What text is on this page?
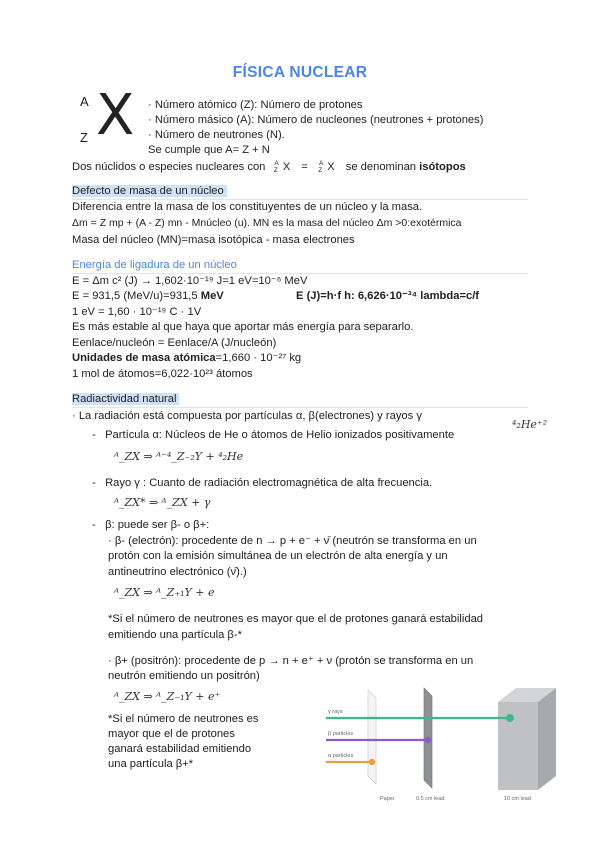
FÍSICA NUCLEAR
A
Z X · Número atómico (Z): Número de protones
· Número másico (A): Número de nucleones (neutrones + protones)
· Número de neutrones (N).
Se cumple que A= Z + N
Dos núclidos o especies nucleares con $^A$Z X = $^A$Z X se denominan isótopos
Defecto de masa de un núcleo
Diferencia entre la masa de los constituyentes de un núcleo y la masa.
Δm = Z mp + (A - Z) mn - Mnúcleo (u). MN es la masa del núcleo Δm >0:exotérmica
Masa del núcleo (MN)=masa isotópica - masa electrones
Energía de ligadura de un núcleo
E = Δm c² (J) → 1,602·10⁻¹⁹ J=1 eV=10⁻⁶ MeV
E = 931,5 (MeV/u)=931,5 MeV	E (J)=h·f h: 6,626·10⁻³⁴ lambda=c/f
1 eV = 1,60 · 10⁻¹⁹ C · 1V
Es más estable al que haya que aportar más energía para separarlo.
Eenlace/nucleón = Eenlace/A (J/nucleón)
Unidades de masa atómica=1,660 · 10⁻²⁷ kg
1 mol de átomos=6,022·10²³ átomos
Radiactividad natural
· La radiación está compuesta por partículas α, β(electrones) y rayos γ
⁴₂He⁺²
-   Partícula α: Núcleos de He o átomos de Helio ionizados positivamente
ᴬ_ZX ⇒ ᴬ⁻⁴_Z₋₂Y + ⁴₂He
-   Rayo γ : Cuanto de radiación electromagnética de alta frecuencia.
ᴬ_ZX* ⇒ ᴬ_ZX + γ
-   β: puede ser β- o β+:
· β- (electrón): procedente de n → p + e⁻ + ν̄ (neutrón se transforma en un
protón con la emisión simultánea de un electrón de alta energía y un
antineutrino electrónico (ν̄).)
ᴬ_ZX ⇒ ᴬ_Z₊₁Y + e
*Si el número de neutrones es mayor que el de protones ganará estabilidad
emitiendo una partícula β-*
· β+ (positrón): procedente de p → n + e⁺ + ν (protón se transforma en un
neutrón emitiendo un positrón)
ᴬ_ZX ⇒ ᴬ_Z₋₁Y + e⁺
*Si el número de neutrones es
mayor que el de protones
ganará estabilidad emitiendo
una partícula β+*
γ rays
β particles
α particles
Paper	0.5 cm lead	10 cm lead
